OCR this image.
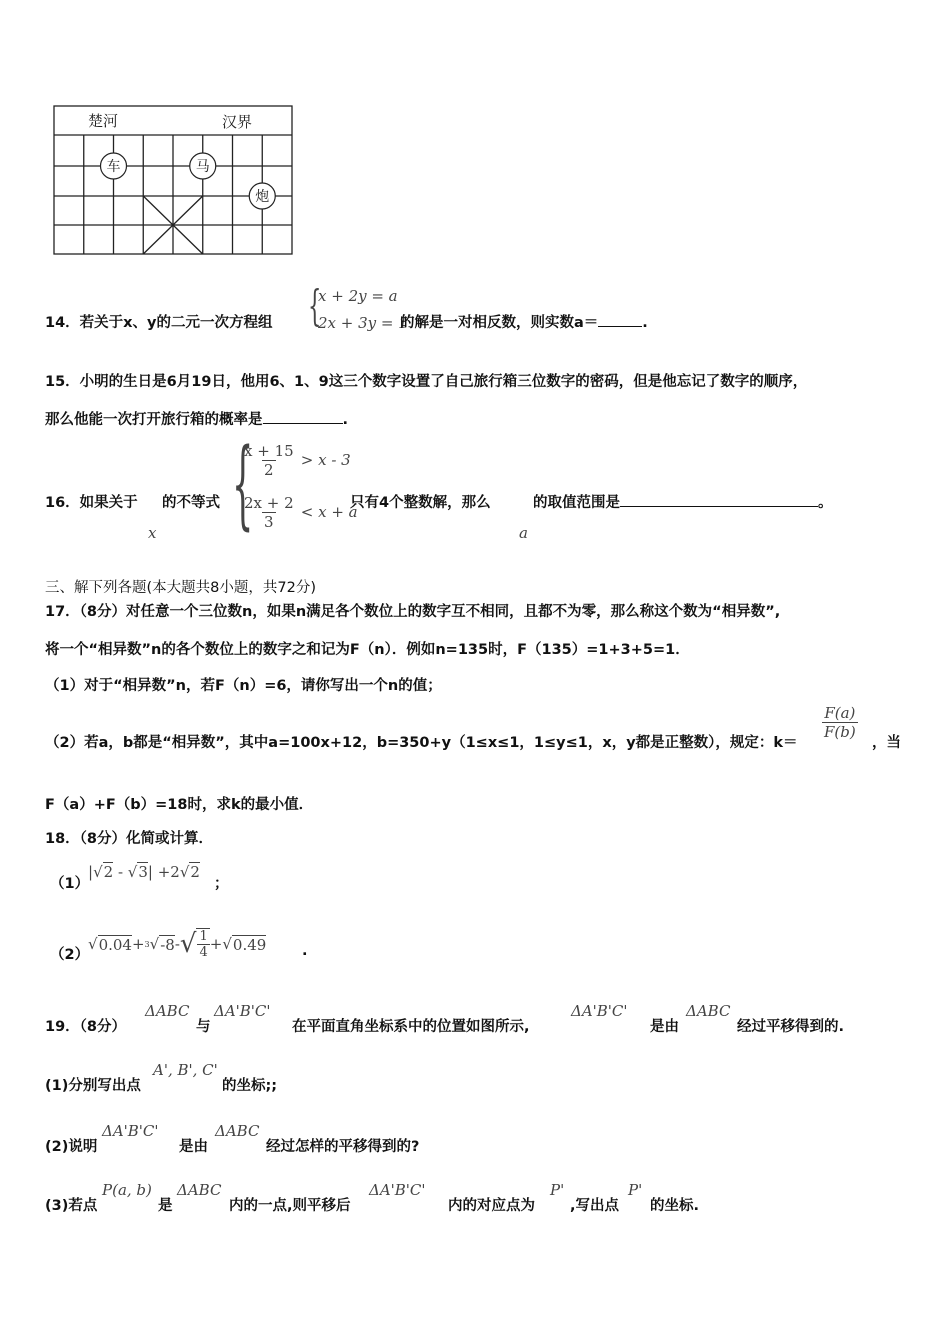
楚河	汉界
车	马
炮
14．若关于x、y的二元一次方程组 {
x + 2y = a
2x + 3y = 1
的解是一对相反数，则实数a＝	.
15．小明的生日是6月19日，他用6、1、9这三个数字设置了自己旅行箱三位数字的密码，但是他忘记了数字的顺序，
那么他能一次打开旅行箱的概率是	.
16．如果关于
x
的不等式 {
$\frac{x + 15}{2} > x - 3$
$\frac{2x + 2}{3} < x + a$
只有4个整数解，那么
a
的取值范围是	。
三、解下列各题(本大题共8小题，共72分)
17．（8分）对任意一个三位数n，如果n满足各个数位上的数字互不相同，且都不为零，那么称这个数为“相异数”,
将一个“相异数”n的各个数位上的数字之和记为F（n）．例如n=135时，F（135）=1+3+5=1．
（1）对于“相异数”n，若F（n）=6，请你写出一个n的值；
（2）若a，b都是“相异数”，其中a=100x+12，b=350+y（1≤x≤1，1≤y≤1，x，y都是正整数），规定：k＝
$\frac{F(a)}{F(b)}$
，当
F（a）+F（b）=18时，求k的最小值．
18．（8分）化简或计算．
（1）
|√2 - √3| +2√2
；
（2）
√ 0.04 + 3 √ -8 - √ $\frac{1}{4}$ + √ 0.49 .
19．（8分）
ΔABC
与
ΔA'B'C'
在平面直角坐标系中的位置如图所示,
ΔA'B'C'
是由
ΔABC
经过平移得到的.
(1)分别写出点
A', B', C'
的坐标;;
(2)说明
ΔA'B'C'
是由
ΔABC
经过怎样的平移得到的?
(3)若点
P(a, b)
是
ΔABC
内的一点,则平移后
ΔA'B'C'
内的对应点为
P'
,写出点
P'
的坐标.
